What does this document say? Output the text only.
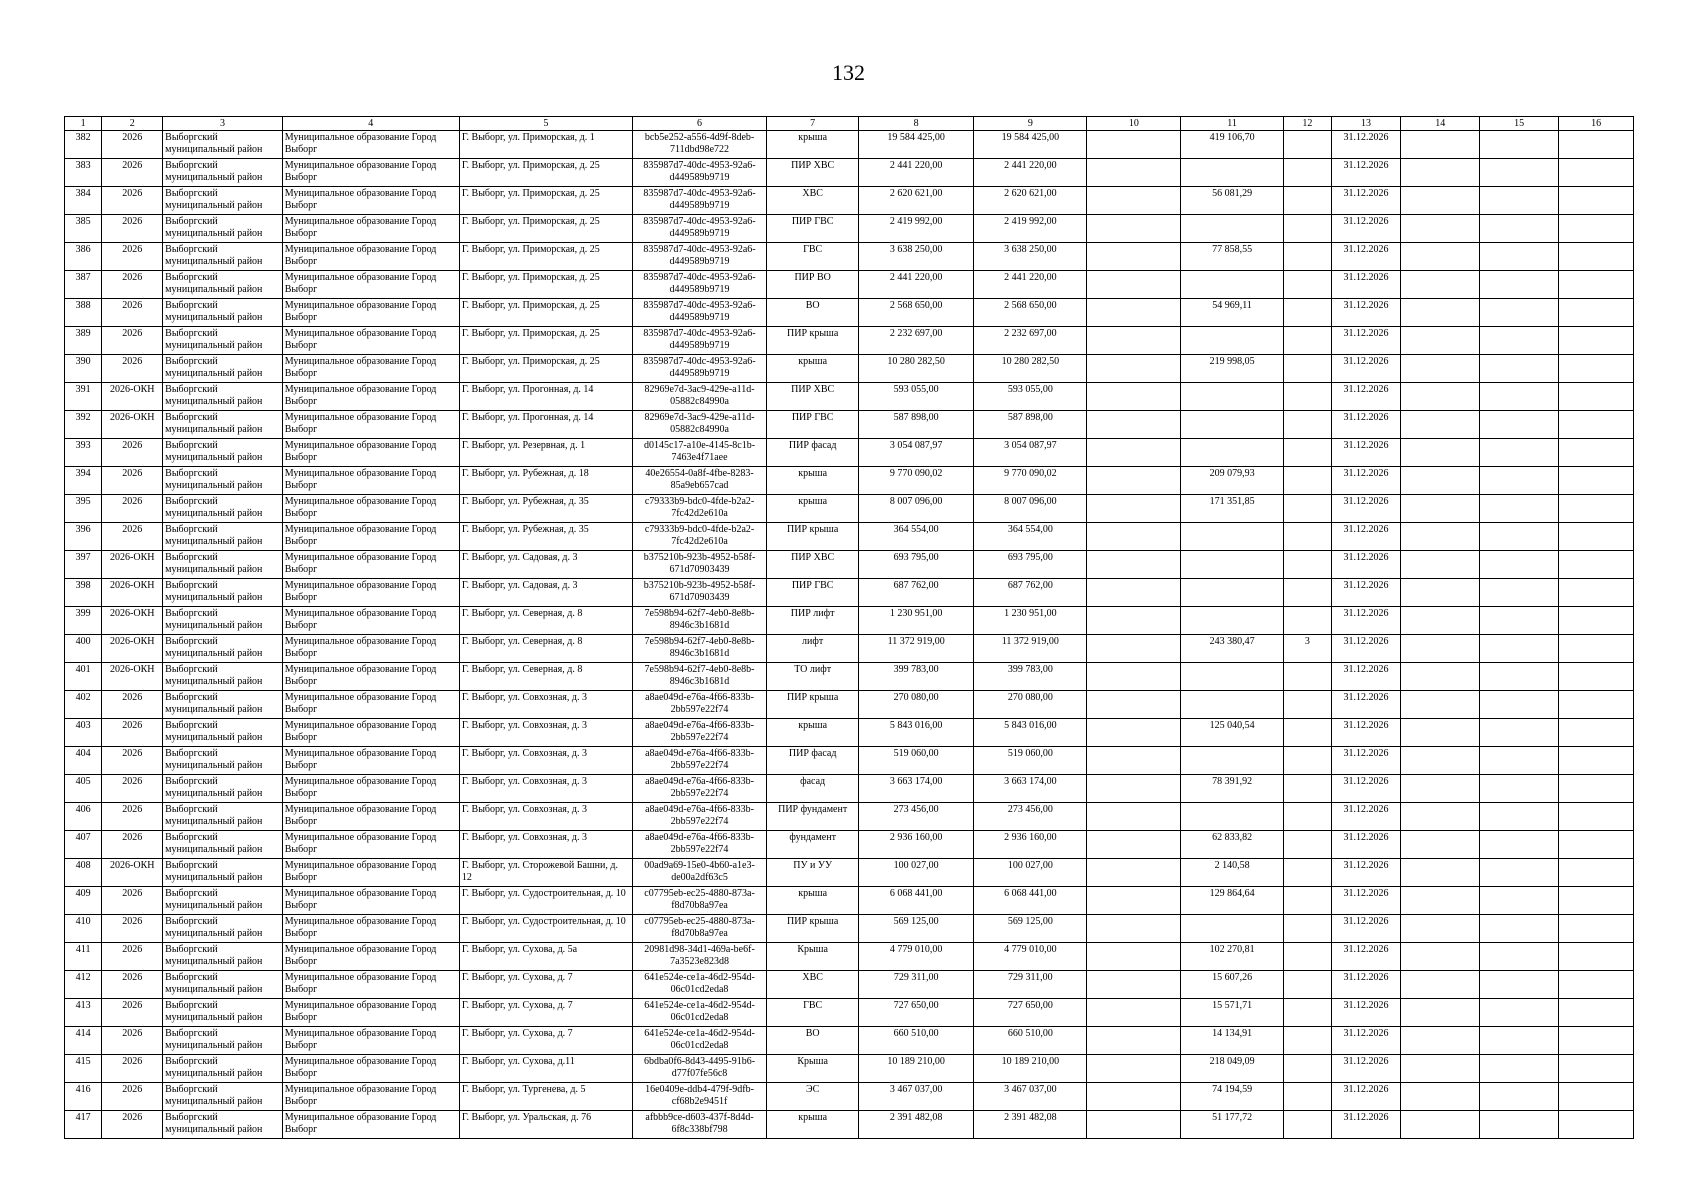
132
1	2	3	4	5	6	7	8	9	10	11	12	13	14	15	16
382	2026	Выборгский муниципальный район	Муниципальное образование Город Выборг	Г. Выборг, ул. Приморская, д. 1	bcb5e252-a556-4d9f-8deb-711dbd98e722	крыша	19 584 425,00	19 584 425,00		419 106,70		31.12.2026			
383	2026	Выборгский муниципальный район	Муниципальное образование Город Выборг	Г. Выборг, ул. Приморская, д. 25	835987d7-40dc-4953-92a6-d449589b9719	ПИР ХВС	2 441 220,00	2 441 220,00				31.12.2026			
384	2026	Выборгский муниципальный район	Муниципальное образование Город Выборг	Г. Выборг, ул. Приморская, д. 25	835987d7-40dc-4953-92a6-d449589b9719	ХВС	2 620 621,00	2 620 621,00		56 081,29		31.12.2026			
385	2026	Выборгский муниципальный район	Муниципальное образование Город Выборг	Г. Выборг, ул. Приморская, д. 25	835987d7-40dc-4953-92a6-d449589b9719	ПИР ГВС	2 419 992,00	2 419 992,00				31.12.2026			
386	2026	Выборгский муниципальный район	Муниципальное образование Город Выборг	Г. Выборг, ул. Приморская, д. 25	835987d7-40dc-4953-92a6-d449589b9719	ГВС	3 638 250,00	3 638 250,00		77 858,55		31.12.2026			
387	2026	Выборгский муниципальный район	Муниципальное образование Город Выборг	Г. Выборг, ул. Приморская, д. 25	835987d7-40dc-4953-92a6-d449589b9719	ПИР ВО	2 441 220,00	2 441 220,00				31.12.2026			
388	2026	Выборгский муниципальный район	Муниципальное образование Город Выборг	Г. Выборг, ул. Приморская, д. 25	835987d7-40dc-4953-92a6-d449589b9719	ВО	2 568 650,00	2 568 650,00		54 969,11		31.12.2026			
389	2026	Выборгский муниципальный район	Муниципальное образование Город Выборг	Г. Выборг, ул. Приморская, д. 25	835987d7-40dc-4953-92a6-d449589b9719	ПИР крыша	2 232 697,00	2 232 697,00				31.12.2026			
390	2026	Выборгский муниципальный район	Муниципальное образование Город Выборг	Г. Выборг, ул. Приморская, д. 25	835987d7-40dc-4953-92a6-d449589b9719	крыша	10 280 282,50	10 280 282,50		219 998,05		31.12.2026			
391	2026-ОКН	Выборгский муниципальный район	Муниципальное образование Город Выборг	Г. Выборг, ул. Прогонная, д. 14	82969e7d-3ac9-429e-a11d-05882c84990a	ПИР ХВС	593 055,00	593 055,00				31.12.2026			
392	2026-ОКН	Выборгский муниципальный район	Муниципальное образование Город Выборг	Г. Выборг, ул. Прогонная, д. 14	82969e7d-3ac9-429e-a11d-05882c84990a	ПИР ГВС	587 898,00	587 898,00				31.12.2026			
393	2026	Выборгский муниципальный район	Муниципальное образование Город Выборг	Г. Выборг, ул. Резервная, д. 1	d0145c17-a10e-4145-8c1b-7463e4f71aee	ПИР фасад	3 054 087,97	3 054 087,97				31.12.2026			
394	2026	Выборгский муниципальный район	Муниципальное образование Город Выборг	Г. Выборг, ул. Рубежная, д. 18	40e26554-0a8f-4fbe-8283-85a9eb657cad	крыша	9 770 090,02	9 770 090,02		209 079,93		31.12.2026			
395	2026	Выборгский муниципальный район	Муниципальное образование Город Выборг	Г. Выборг, ул. Рубежная, д. 35	c79333b9-bdc0-4fde-b2a2-7fc42d2e610a	крыша	8 007 096,00	8 007 096,00		171 351,85		31.12.2026			
396	2026	Выборгский муниципальный район	Муниципальное образование Город Выборг	Г. Выборг, ул. Рубежная, д. 35	c79333b9-bdc0-4fde-b2a2-7fc42d2e610a	ПИР крыша	364 554,00	364 554,00				31.12.2026			
397	2026-ОКН	Выборгский муниципальный район	Муниципальное образование Город Выборг	Г. Выборг, ул. Садовая, д. 3	b375210b-923b-4952-b58f-671d70903439	ПИР ХВС	693 795,00	693 795,00				31.12.2026			
398	2026-ОКН	Выборгский муниципальный район	Муниципальное образование Город Выборг	Г. Выборг, ул. Садовая, д. 3	b375210b-923b-4952-b58f-671d70903439	ПИР ГВС	687 762,00	687 762,00				31.12.2026			
399	2026-ОКН	Выборгский муниципальный район	Муниципальное образование Город Выборг	Г. Выборг, ул. Северная, д. 8	7e598b94-62f7-4eb0-8e8b-8946c3b1681d	ПИР лифт	1 230 951,00	1 230 951,00				31.12.2026			
400	2026-ОКН	Выборгский муниципальный район	Муниципальное образование Город Выборг	Г. Выборг, ул. Северная, д. 8	7e598b94-62f7-4eb0-8e8b-8946c3b1681d	лифт	11 372 919,00	11 372 919,00		243 380,47	3	31.12.2026			
401	2026-ОКН	Выборгский муниципальный район	Муниципальное образование Город Выборг	Г. Выборг, ул. Северная, д. 8	7e598b94-62f7-4eb0-8e8b-8946c3b1681d	ТО лифт	399 783,00	399 783,00				31.12.2026			
402	2026	Выборгский муниципальный район	Муниципальное образование Город Выборг	Г. Выборг, ул. Совхозная, д. 3	a8ae049d-e76a-4f66-833b-2bb597e22f74	ПИР крыша	270 080,00	270 080,00				31.12.2026			
403	2026	Выборгский муниципальный район	Муниципальное образование Город Выборг	Г. Выборг, ул. Совхозная, д. 3	a8ae049d-e76a-4f66-833b-2bb597e22f74	крыша	5 843 016,00	5 843 016,00		125 040,54		31.12.2026			
404	2026	Выборгский муниципальный район	Муниципальное образование Город Выборг	Г. Выборг, ул. Совхозная, д. 3	a8ae049d-e76a-4f66-833b-2bb597e22f74	ПИР фасад	519 060,00	519 060,00				31.12.2026			
405	2026	Выборгский муниципальный район	Муниципальное образование Город Выборг	Г. Выборг, ул. Совхозная, д. 3	a8ae049d-e76a-4f66-833b-2bb597e22f74	фасад	3 663 174,00	3 663 174,00		78 391,92		31.12.2026			
406	2026	Выборгский муниципальный район	Муниципальное образование Город Выборг	Г. Выборг, ул. Совхозная, д. 3	a8ae049d-e76a-4f66-833b-2bb597e22f74	ПИР фундамент	273 456,00	273 456,00				31.12.2026			
407	2026	Выборгский муниципальный район	Муниципальное образование Город Выборг	Г. Выборг, ул. Совхозная, д. 3	a8ae049d-e76a-4f66-833b-2bb597e22f74	фундамент	2 936 160,00	2 936 160,00		62 833,82		31.12.2026			
408	2026-ОКН	Выборгский муниципальный район	Муниципальное образование Город Выборг	Г. Выборг, ул. Сторожевой Башни, д. 12	00ad9a69-15e0-4b60-a1e3-de00a2df63c5	ПУ и УУ	100 027,00	100 027,00		2 140,58		31.12.2026			
409	2026	Выборгский муниципальный район	Муниципальное образование Город Выборг	Г. Выборг, ул. Судостроительная, д. 10	c07795eb-ec25-4880-873a-f8d70b8a97ea	крыша	6 068 441,00	6 068 441,00		129 864,64		31.12.2026			
410	2026	Выборгский муниципальный район	Муниципальное образование Город Выборг	Г. Выборг, ул. Судостроительная, д. 10	c07795eb-ec25-4880-873a-f8d70b8a97ea	ПИР крыша	569 125,00	569 125,00				31.12.2026			
411	2026	Выборгский муниципальный район	Муниципальное образование Город Выборг	Г. Выборг, ул. Сухова, д. 5а	20981d98-34d1-469a-be6f-7a3523e823d8	Крыша	4 779 010,00	4 779 010,00		102 270,81		31.12.2026			
412	2026	Выборгский муниципальный район	Муниципальное образование Город Выборг	Г. Выборг, ул. Сухова, д. 7	641e524e-ce1a-46d2-954d-06c01cd2eda8	ХВС	729 311,00	729 311,00		15 607,26		31.12.2026			
413	2026	Выборгский муниципальный район	Муниципальное образование Город Выборг	Г. Выборг, ул. Сухова, д. 7	641e524e-ce1a-46d2-954d-06c01cd2eda8	ГВС	727 650,00	727 650,00		15 571,71		31.12.2026			
414	2026	Выборгский муниципальный район	Муниципальное образование Город Выборг	Г. Выборг, ул. Сухова, д. 7	641e524e-ce1a-46d2-954d-06c01cd2eda8	ВО	660 510,00	660 510,00		14 134,91		31.12.2026			
415	2026	Выборгский муниципальный район	Муниципальное образование Город Выборг	Г. Выборг, ул. Сухова, д.11	6bdba0f6-8d43-4495-91b6-d77f07fe56c8	Крыша	10 189 210,00	10 189 210,00		218 049,09		31.12.2026			
416	2026	Выборгский муниципальный район	Муниципальное образование Город Выборг	Г. Выборг, ул. Тургенева, д. 5	16e0409e-ddb4-479f-9dfb-cf68b2e9451f	ЭС	3 467 037,00	3 467 037,00		74 194,59		31.12.2026			
417	2026	Выборгский муниципальный район	Муниципальное образование Город Выборг	Г. Выборг, ул. Уральская, д. 76	afbbb9ce-d603-437f-8d4d-6f8c338bf798	крыша	2 391 482,08	2 391 482,08		51 177,72		31.12.2026			
